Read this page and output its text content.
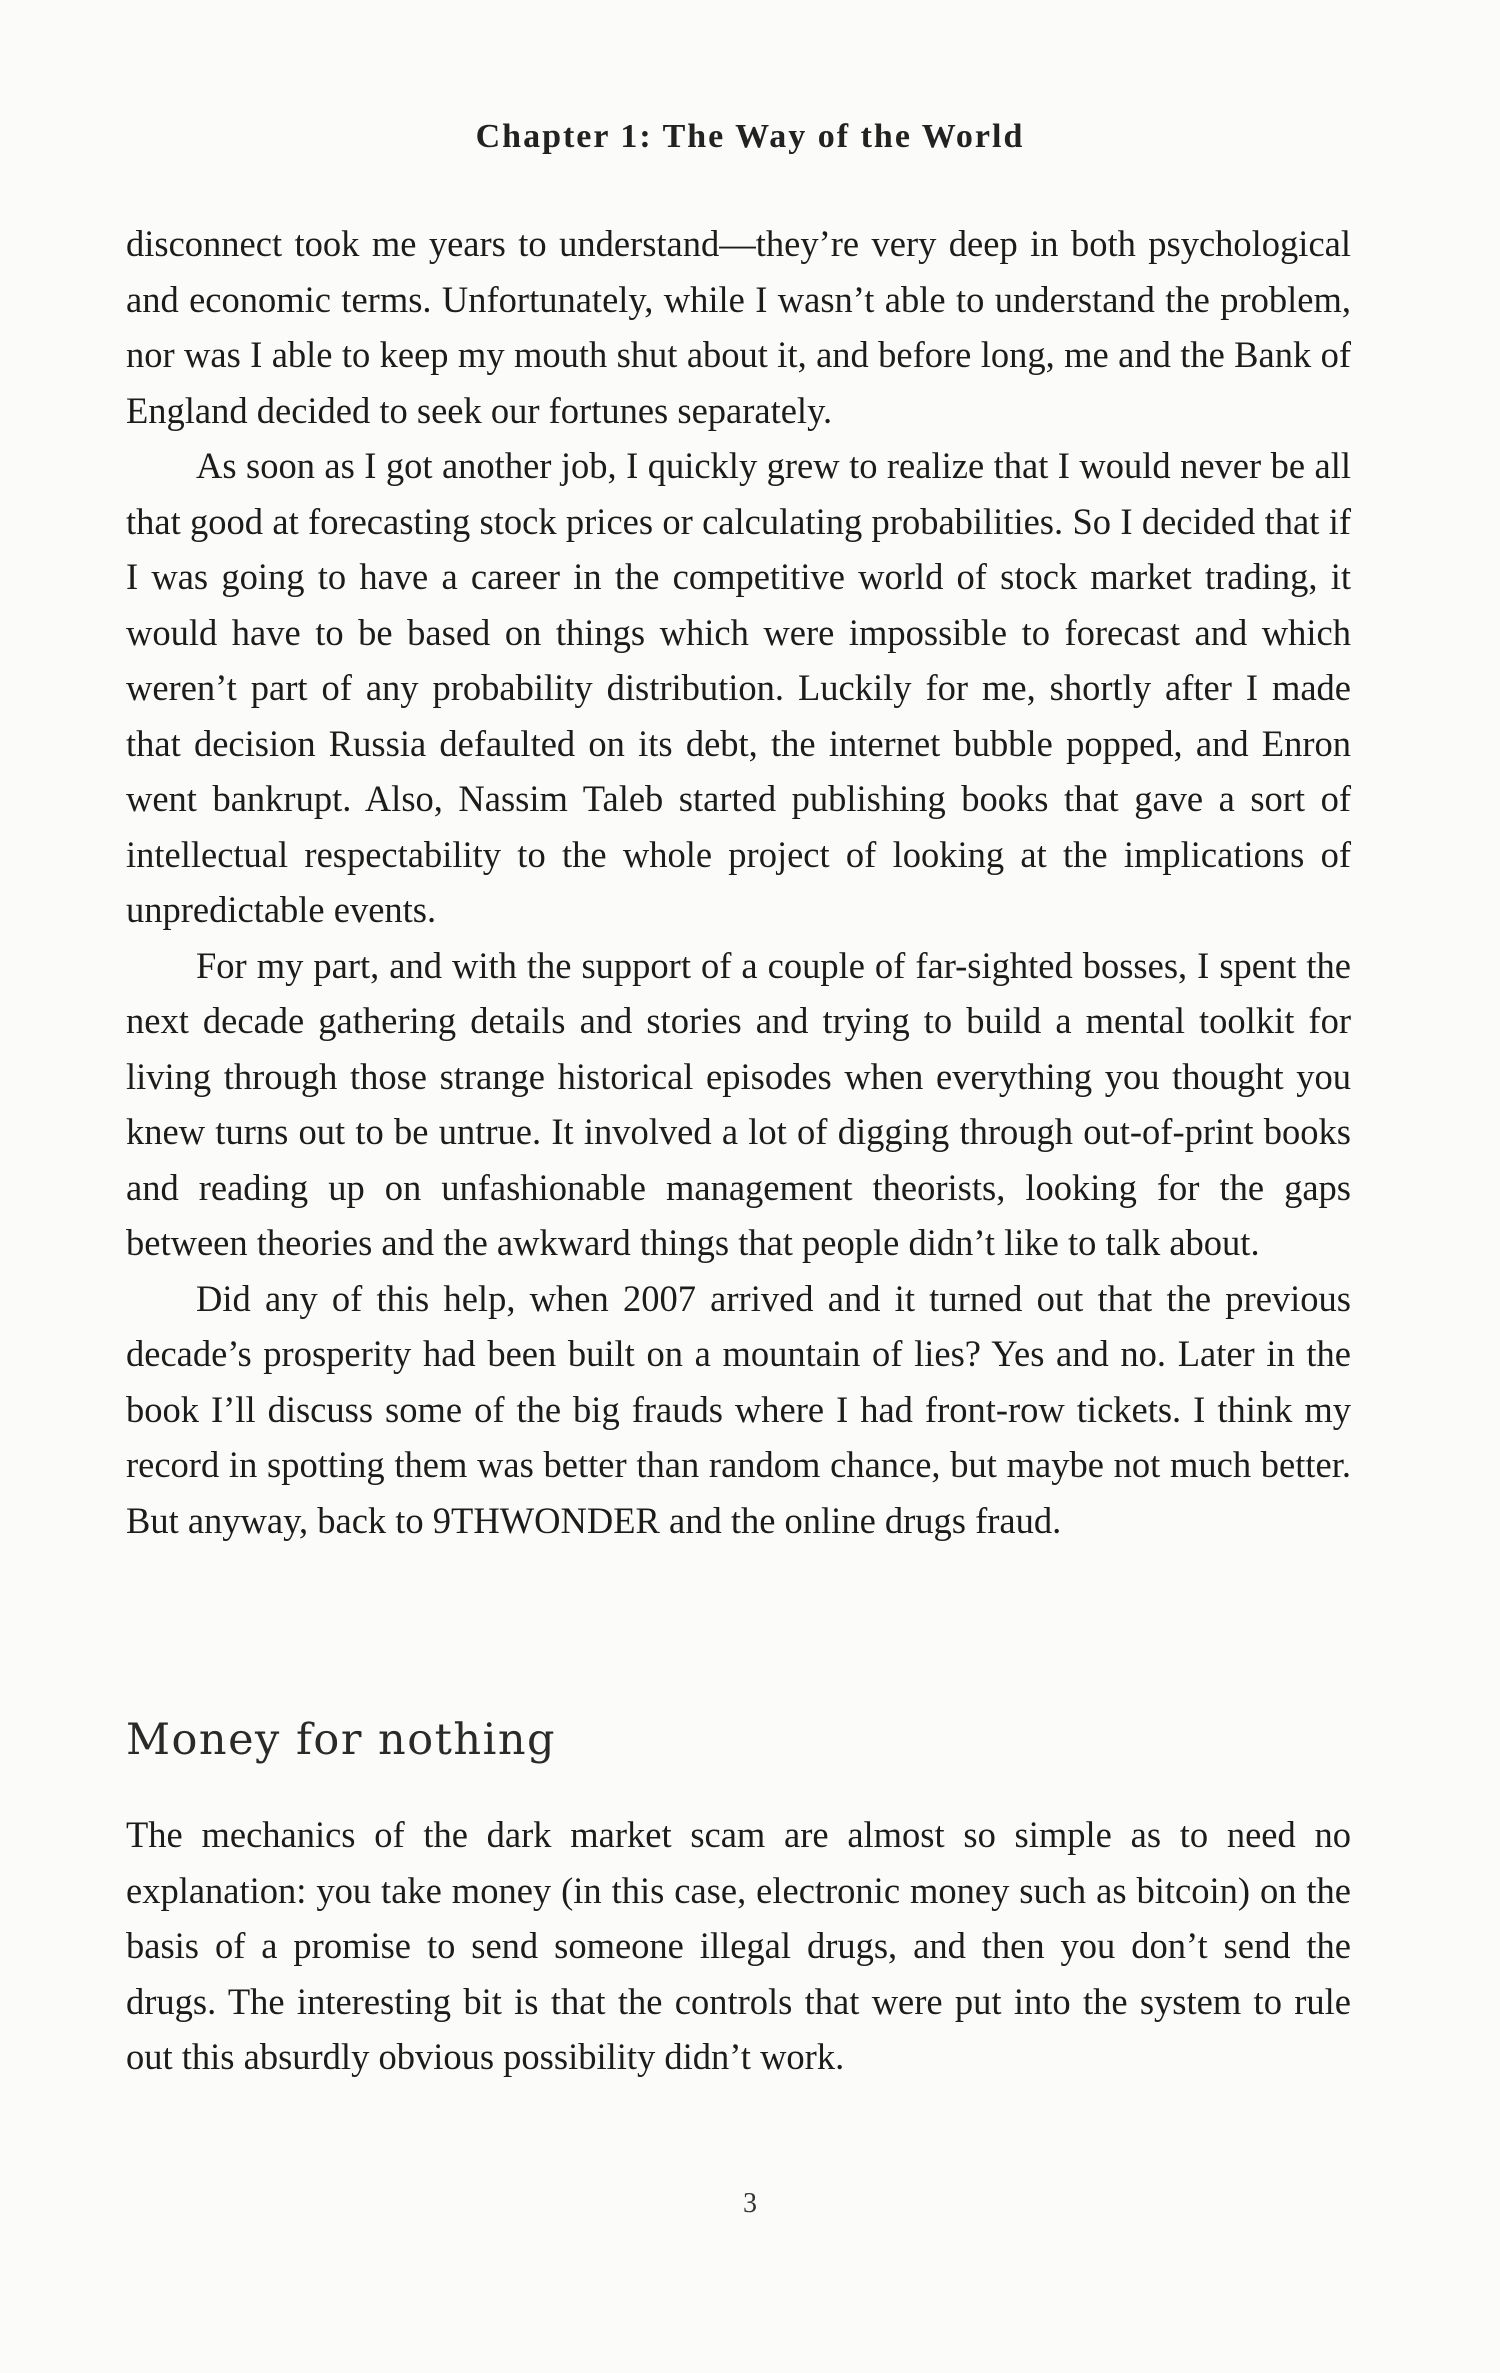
Chapter 1: The Way of the World

disconnect took me years to understand—they’re very deep in both psychological and economic terms. Unfortunately, while I wasn’t able to understand the problem, nor was I able to keep my mouth shut about it, and before long, me and the Bank of England decided to seek our fortunes separately.

As soon as I got another job, I quickly grew to realize that I would never be all that good at forecasting stock prices or calculating probabilities. So I decided that if I was going to have a career in the competitive world of stock market trading, it would have to be based on things which were impossible to forecast and which weren’t part of any probability distribution. Luckily for me, shortly after I made that decision Russia defaulted on its debt, the internet bubble popped, and Enron went bankrupt. Also, Nassim Taleb started publishing books that gave a sort of intellectual respectability to the whole project of looking at the implications of unpredictable events.

For my part, and with the support of a couple of far-sighted bosses, I spent the next decade gathering details and stories and trying to build a mental toolkit for living through those strange historical episodes when everything you thought you knew turns out to be untrue. It involved a lot of digging through out-of-print books and reading up on unfashionable management theorists, looking for the gaps between theories and the awkward things that people didn’t like to talk about.

Did any of this help, when 2007 arrived and it turned out that the previous decade’s prosperity had been built on a mountain of lies? Yes and no. Later in the book I’ll discuss some of the big frauds where I had front-row tickets. I think my record in spotting them was better than random chance, but maybe not much better. But anyway, back to 9THWONDER and the online drugs fraud.

Money for nothing

The mechanics of the dark market scam are almost so simple as to need no explanation: you take money (in this case, electronic money such as bitcoin) on the basis of a promise to send someone illegal drugs, and then you don’t send the drugs. The interesting bit is that the controls that were put into the system to rule out this absurdly obvious possibility didn’t work.

3
